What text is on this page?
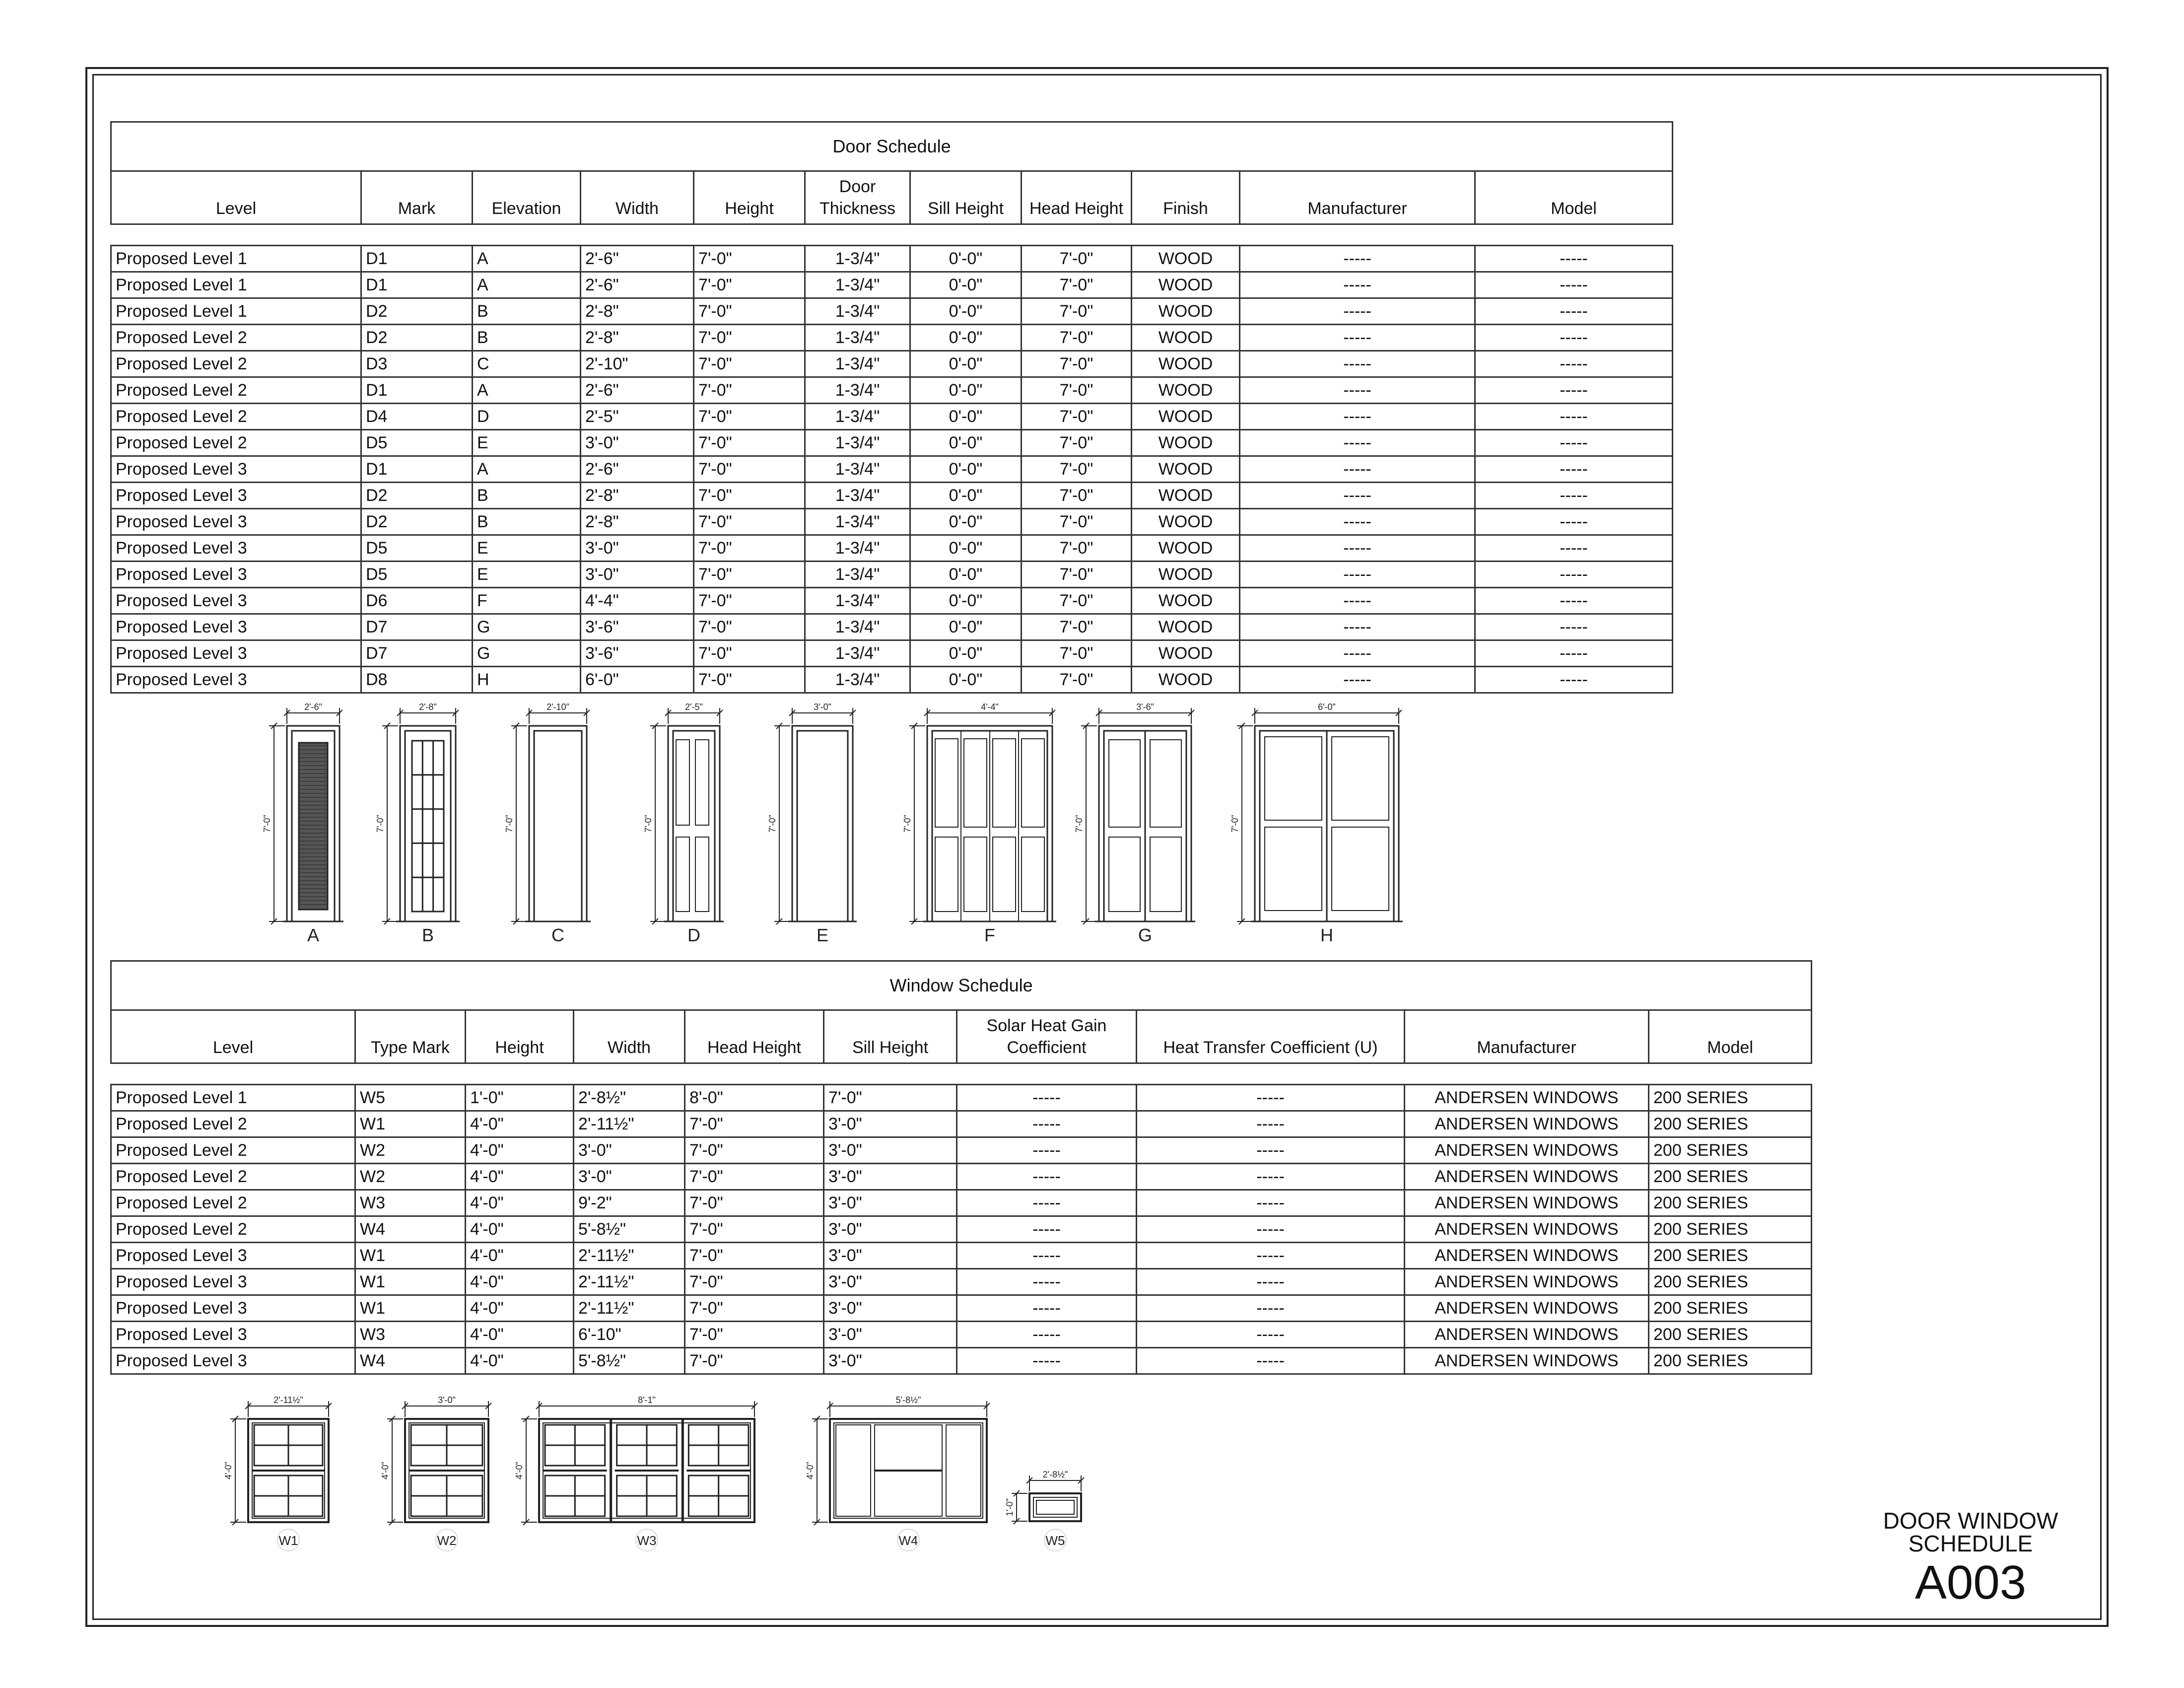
Door Schedule										
Level	Mark	Elevation	Width	Height	Door Thickness	Sill Height	Head Height	Finish	Manufacturer	Model

Proposed Level 1	D1	A	2'-6"	7'-0"	1-3/4"	0'-0"	7'-0"	WOOD	-----	-----
Proposed Level 1	D1	A	2'-6"	7'-0"	1-3/4"	0'-0"	7'-0"	WOOD	-----	-----
Proposed Level 1	D2	B	2'-8"	7'-0"	1-3/4"	0'-0"	7'-0"	WOOD	-----	-----
Proposed Level 2	D2	B	2'-8"	7'-0"	1-3/4"	0'-0"	7'-0"	WOOD	-----	-----
Proposed Level 2	D3	C	2'-10"	7'-0"	1-3/4"	0'-0"	7'-0"	WOOD	-----	-----
Proposed Level 2	D1	A	2'-6"	7'-0"	1-3/4"	0'-0"	7'-0"	WOOD	-----	-----
Proposed Level 2	D4	D	2'-5"	7'-0"	1-3/4"	0'-0"	7'-0"	WOOD	-----	-----
Proposed Level 2	D5	E	3'-0"	7'-0"	1-3/4"	0'-0"	7'-0"	WOOD	-----	-----
Proposed Level 3	D1	A	2'-6"	7'-0"	1-3/4"	0'-0"	7'-0"	WOOD	-----	-----
Proposed Level 3	D2	B	2'-8"	7'-0"	1-3/4"	0'-0"	7'-0"	WOOD	-----	-----
Proposed Level 3	D2	B	2'-8"	7'-0"	1-3/4"	0'-0"	7'-0"	WOOD	-----	-----
Proposed Level 3	D5	E	3'-0"	7'-0"	1-3/4"	0'-0"	7'-0"	WOOD	-----	-----
Proposed Level 3	D5	E	3'-0"	7'-0"	1-3/4"	0'-0"	7'-0"	WOOD	-----	-----
Proposed Level 3	D6	F	4'-4"	7'-0"	1-3/4"	0'-0"	7'-0"	WOOD	-----	-----
Proposed Level 3	D7	G	3'-6"	7'-0"	1-3/4"	0'-0"	7'-0"	WOOD	-----	-----
Proposed Level 3	D7	G	3'-6"	7'-0"	1-3/4"	0'-0"	7'-0"	WOOD	-----	-----
Proposed Level 3	D8	H	6'-0"	7'-0"	1-3/4"	0'-0"	7'-0"	WOOD	-----	-----
Window Schedule									
Level	Type Mark	Height	Width	Head Height	Sill Height	Solar Heat Gain Coefficient	Heat Transfer Coefficient (U)	Manufacturer	Model

Proposed Level 1	W5	1'-0"	2'-8½"	8'-0"	7'-0"	-----	-----	ANDERSEN WINDOWS	200 SERIES
Proposed Level 2	W1	4'-0"	2'-11½"	7'-0"	3'-0"	-----	-----	ANDERSEN WINDOWS	200 SERIES
Proposed Level 2	W2	4'-0"	3'-0"	7'-0"	3'-0"	-----	-----	ANDERSEN WINDOWS	200 SERIES
Proposed Level 2	W2	4'-0"	3'-0"	7'-0"	3'-0"	-----	-----	ANDERSEN WINDOWS	200 SERIES
Proposed Level 2	W3	4'-0"	9'-2"	7'-0"	3'-0"	-----	-----	ANDERSEN WINDOWS	200 SERIES
Proposed Level 2	W4	4'-0"	5'-8½"	7'-0"	3'-0"	-----	-----	ANDERSEN WINDOWS	200 SERIES
Proposed Level 3	W1	4'-0"	2'-11½"	7'-0"	3'-0"	-----	-----	ANDERSEN WINDOWS	200 SERIES
Proposed Level 3	W1	4'-0"	2'-11½"	7'-0"	3'-0"	-----	-----	ANDERSEN WINDOWS	200 SERIES
Proposed Level 3	W1	4'-0"	2'-11½"	7'-0"	3'-0"	-----	-----	ANDERSEN WINDOWS	200 SERIES
Proposed Level 3	W3	4'-0"	6'-10"	7'-0"	3'-0"	-----	-----	ANDERSEN WINDOWS	200 SERIES
Proposed Level 3	W4	4'-0"	5'-8½"	7'-0"	3'-0"	-----	-----	ANDERSEN WINDOWS	200 SERIES
2'-6"
7'-0"
A
2'-8"
7'-0"
B
2'-10"
7'-0"
C
2'-5"
7'-0"
D
3'-0"
7'-0"
E
4'-4"
7'-0"
F
3'-6"
7'-0"
G
6'-0"
7'-0"
H
2'-11½"
4'-0"
W1
3'-0"
4'-0"
W2
8'-1"
4'-0"
W3
5'-8½"
4'-0"
W4
2'-8½"
1'-0"
W5
DOOR WINDOW
SCHEDULE
A003
